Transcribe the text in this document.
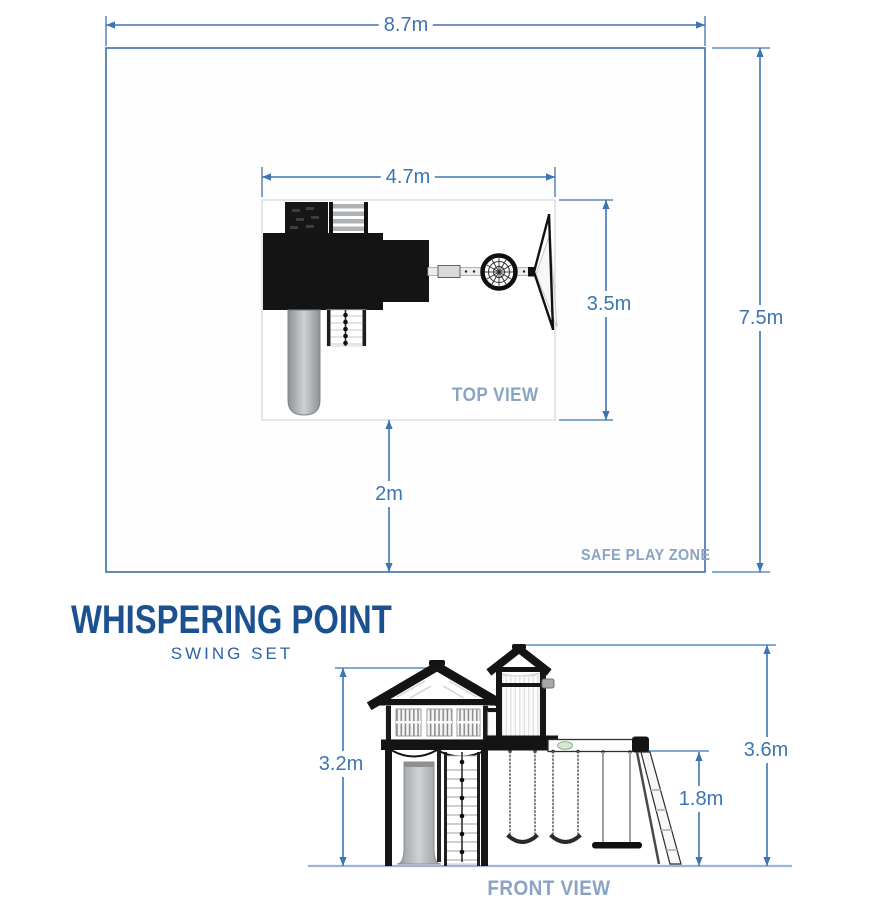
8.7m
7.5m
4.7m
3.5m
2m
3.2m
1.8m
3.6m
TOP VIEW
SAFE PLAY ZONE
FRONT VIEW
WHISPERING POINT
SWING SET
